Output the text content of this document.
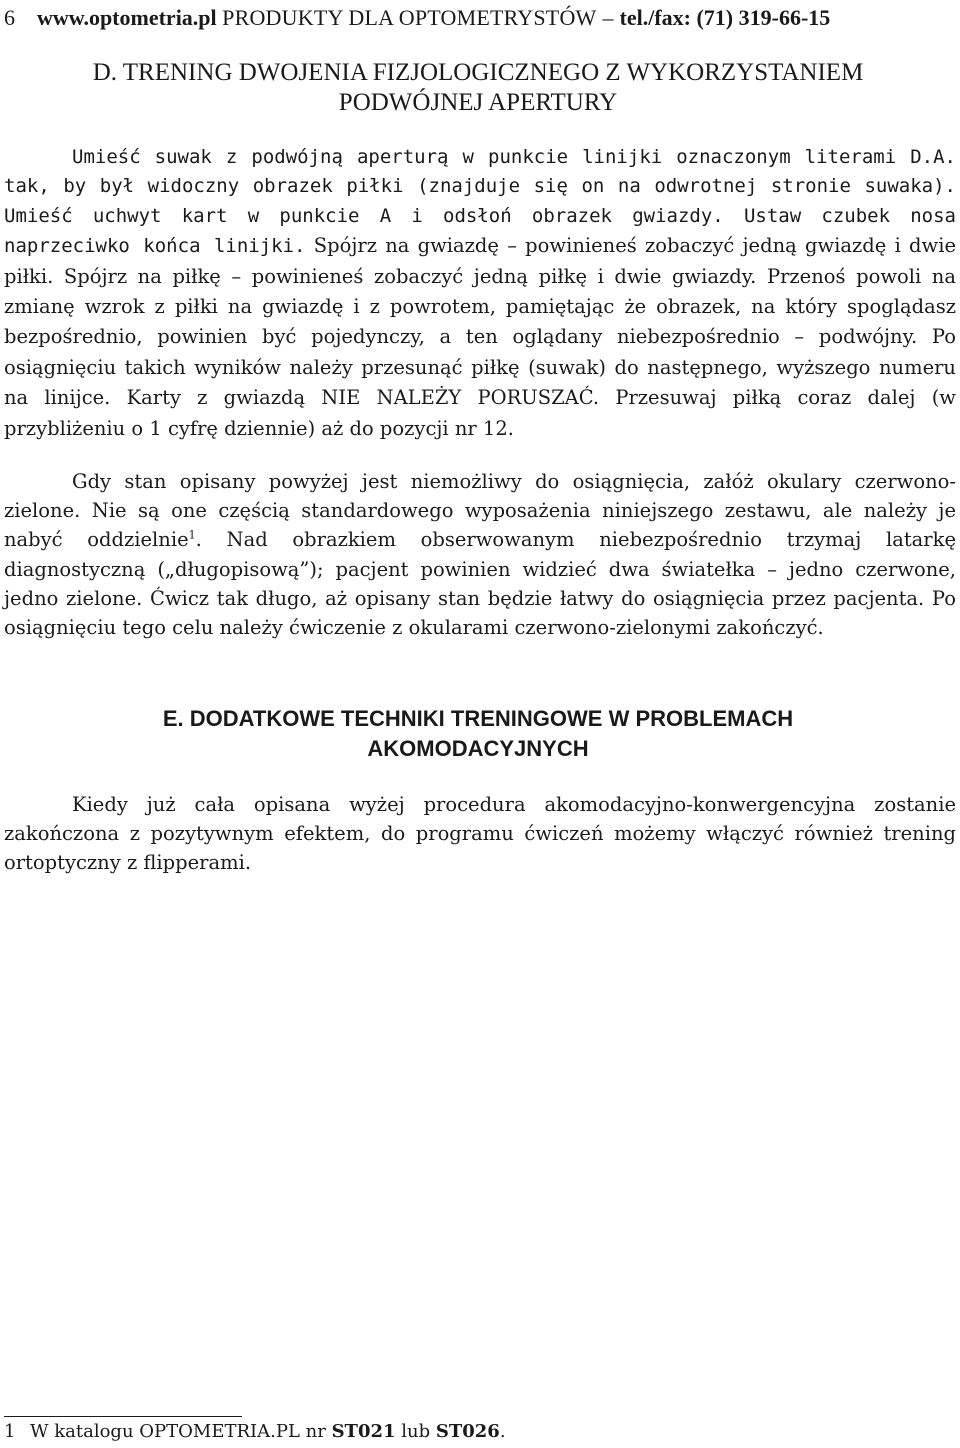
6 www.optometria.pl PRODUKTY DLA OPTOMETRYSTÓW – tel./fax: (71) 319-66-15
D. TRENING DWOJENIA FIZJOLOGICZNEGO Z WYKORZYSTANIEM
PODWÓJNEJ APERTURY

Umieść suwak z podwójną aperturą w punkcie linijki oznaczonym literami D.A. tak, by był widoczny obrazek piłki (znajduje się on na odwrotnej stronie suwaka). Umieść uchwyt kart w punkcie A i odsłoń obrazek gwiazdy. Ustaw czubek nosa naprzeciwko końca linijki. Spójrz na gwiazdę – powinieneś zobaczyć jedną gwiazdę i dwie piłki. Spójrz na piłkę – powinieneś zobaczyć jedną piłkę i dwie gwiazdy. Przenoś powoli na zmianę wzrok z piłki na gwiazdę i z powrotem, pamiętając że obrazek, na który spoglądasz bezpośrednio, powinien być pojedynczy, a ten oglądany niebezpośrednio – podwójny. Po osiągnięciu takich wyników należy przesunąć piłkę (suwak) do następnego, wyższego numeru na linijce. Karty z gwiazdą NIE NALEŻY PORUSZAĆ. Przesuwaj piłką coraz dalej (w przybliżeniu o 1 cyfrę dziennie) aż do pozycji nr 12.

Gdy stan opisany powyżej jest niemożliwy do osiągnięcia, załóż okulary czerwono-zielone. Nie są one częścią standardowego wyposażenia niniejszego zestawu, ale należy je nabyć oddzielnie$^1$. Nad obrazkiem obserwowanym niebezpośrednio trzymaj latarkę diagnostyczną („długopisową”); pacjent powinien widzieć dwa światełka – jedno czerwone, jedno zielone. Ćwicz tak długo, aż opisany stan będzie łatwy do osiągnięcia przez pacjenta. Po osiągnięciu tego celu należy ćwiczenie z okularami czerwono-zielonymi zakończyć.

E. DODATKOWE TECHNIKI TRENINGOWE W PROBLEMACH
AKOMODACYJNYCH

Kiedy już cała opisana wyżej procedura akomodacyjno-konwergencyjna zostanie zakończona z pozytywnym efektem, do programu ćwiczeń możemy włączyć również trening ortoptyczny z flipperami.

1 W katalogu OPTOMETRIA.PL nr ST021 lub ST026.
